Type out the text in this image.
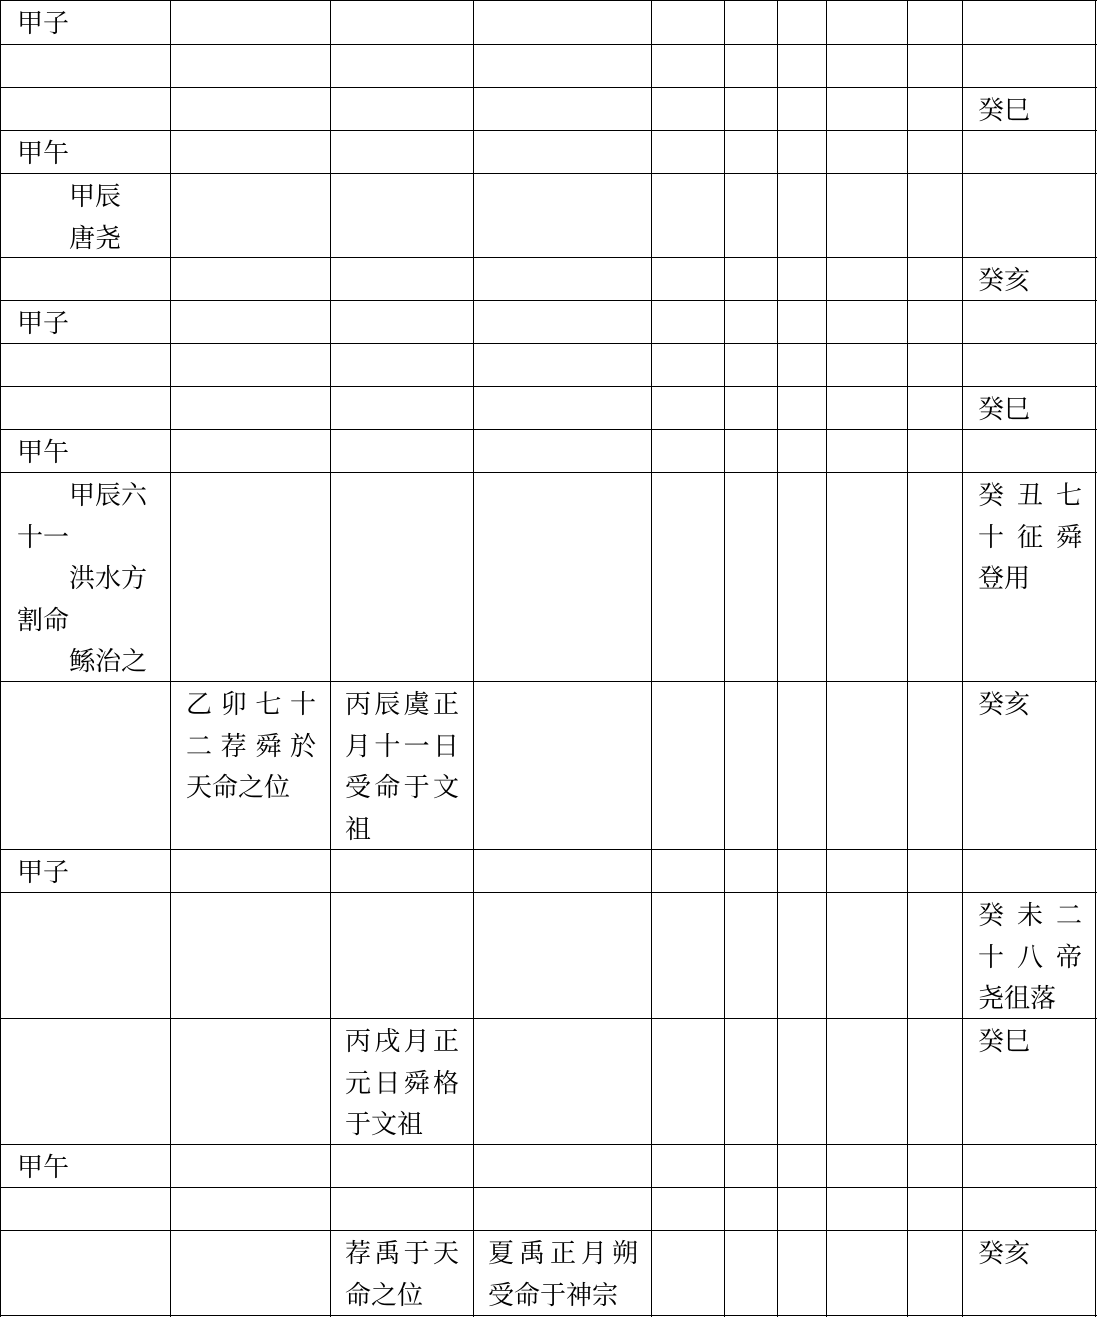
甲子
癸巳
甲午
　　甲辰
　　唐尧
癸亥
甲子
癸巳
甲午
　　甲辰六
十一
　　洪水方
割命
　　鲧治之
癸丑七
十征舜
登用
乙卯七十
二荐舜於
天命之位
丙辰虞正
月十一日
受命于文
祖
癸亥
甲子
癸未二
十八帝
尧徂落
丙戌月正
元日舜格
于文祖
癸巳
甲午
荐禹于天
命之位
夏禹正月朔
受命于神宗
癸亥
